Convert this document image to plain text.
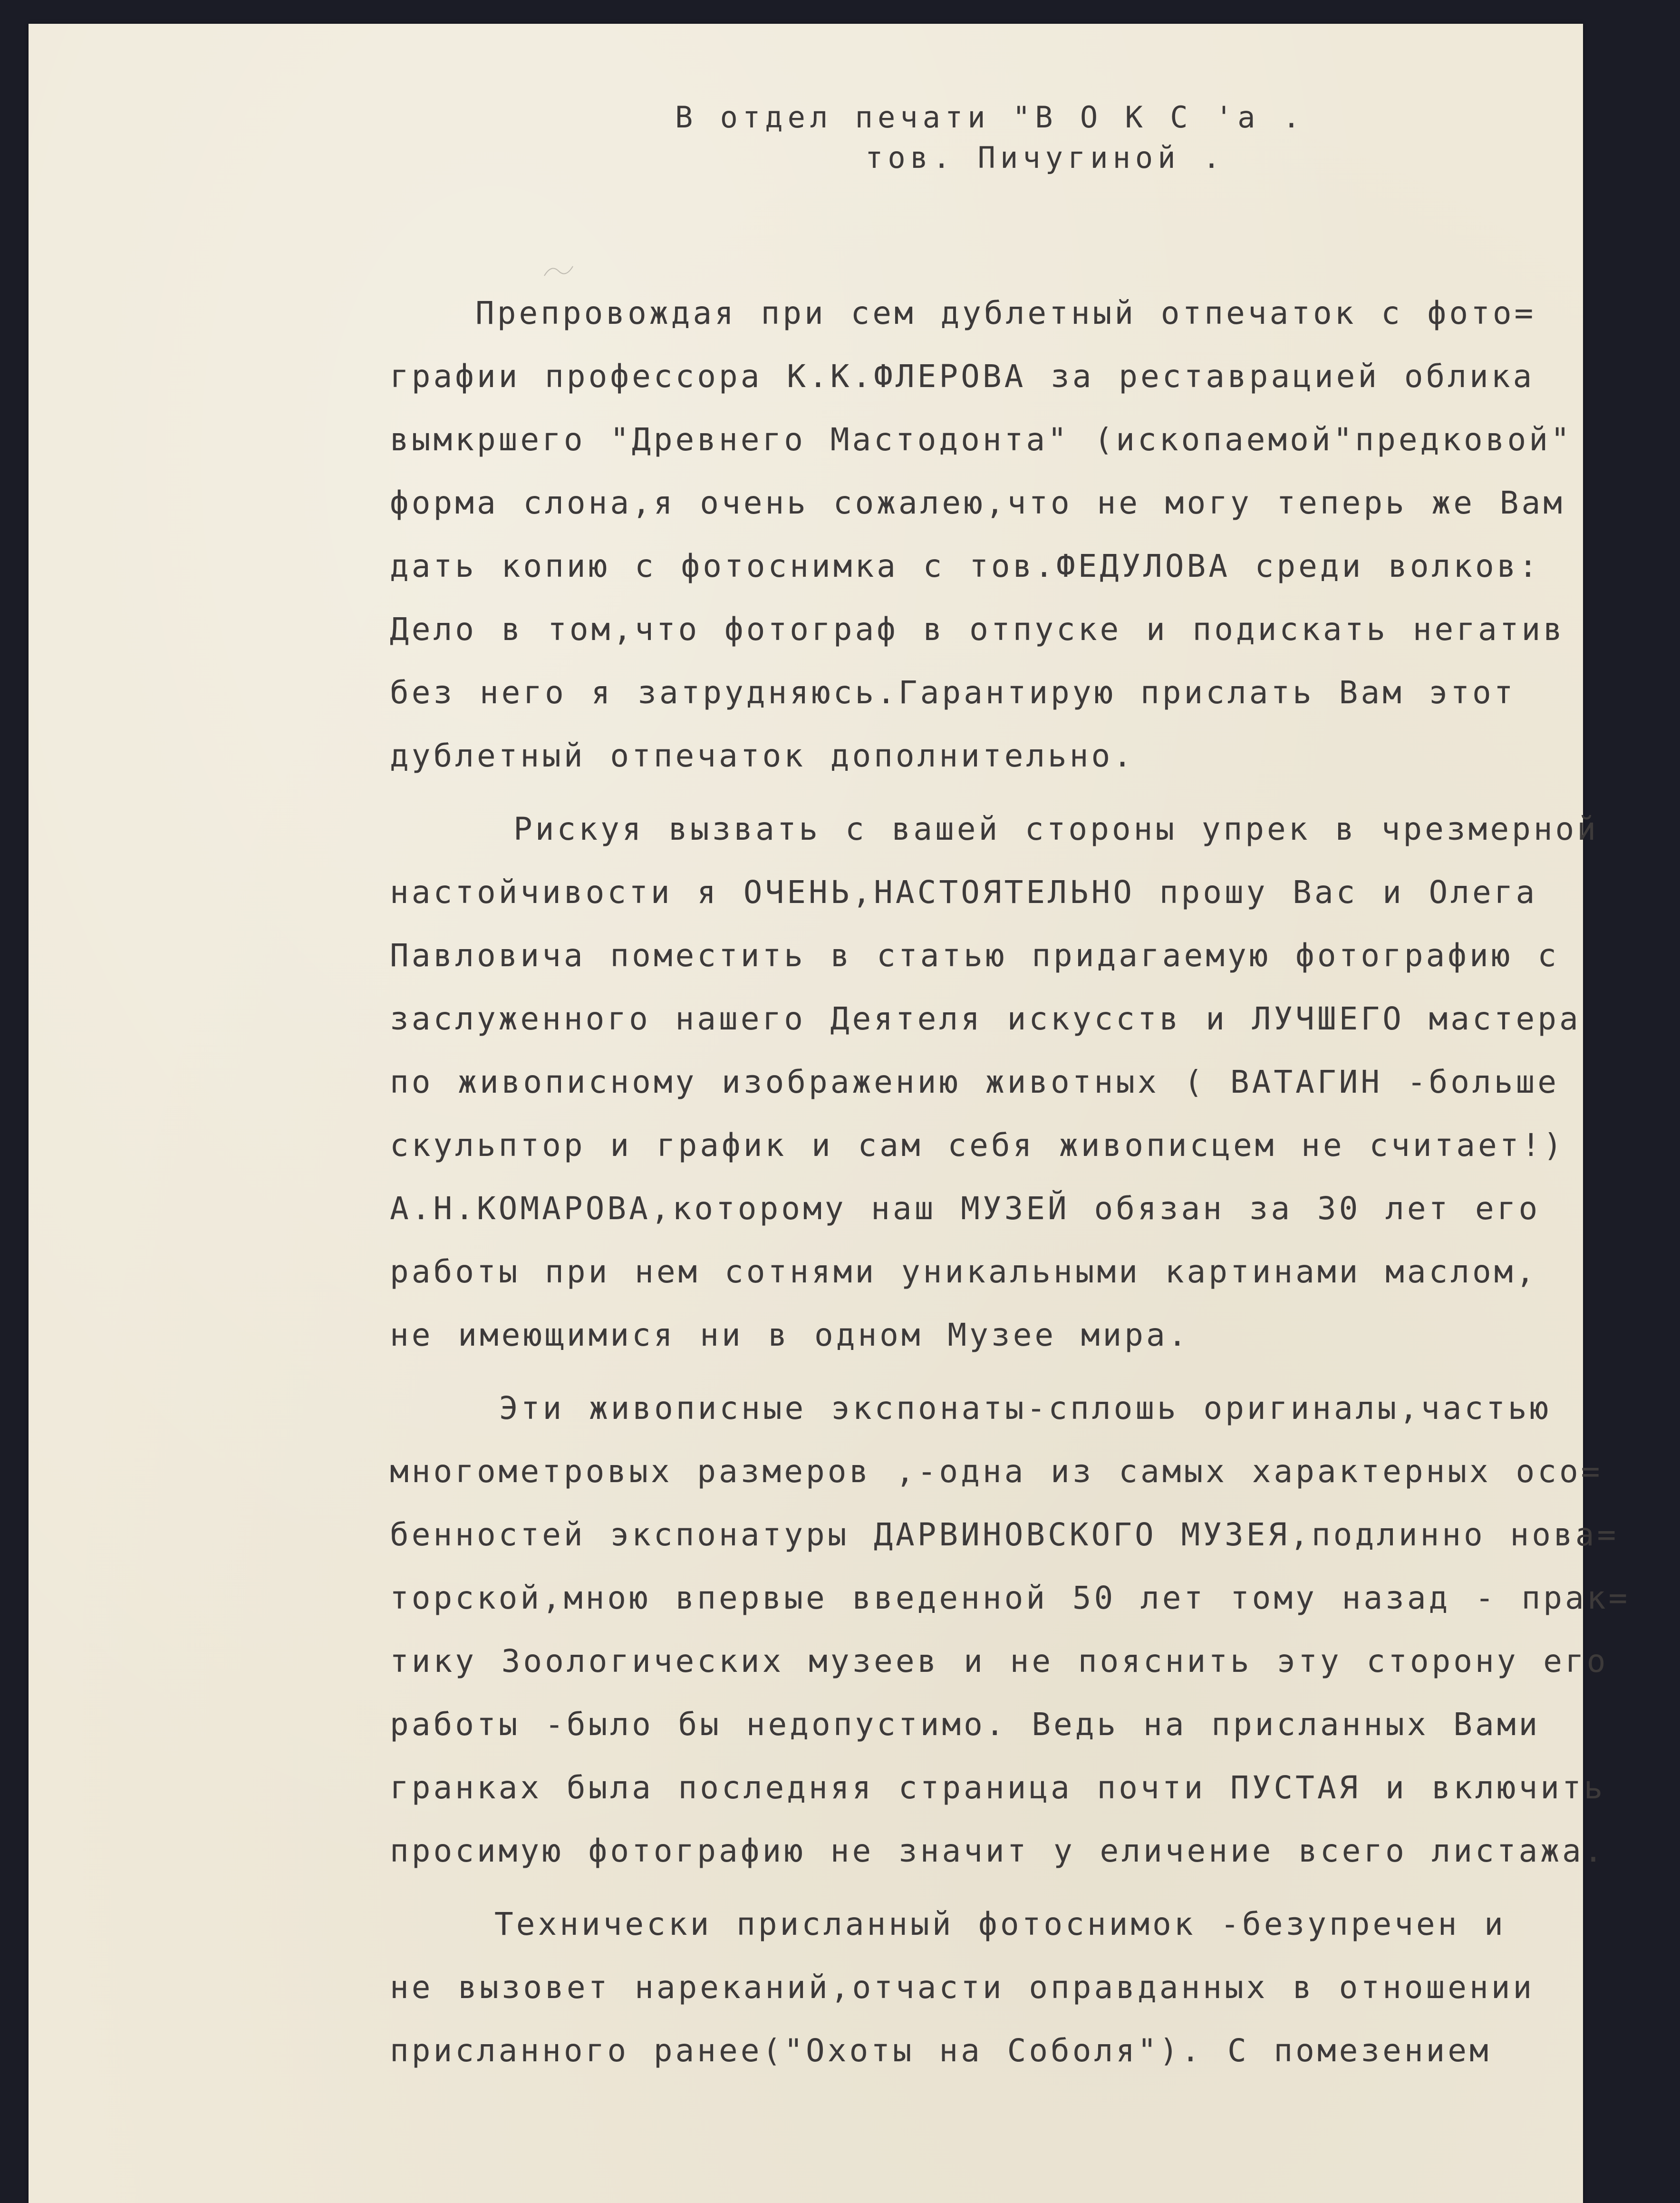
В отдел печати "В О К С 'а .
тов. Пичугиной .
Препровождая при сем дублетный отпечаток с фото=
графии профессора К.К.ФЛЕРОВА за реставрацией облика
вымкршего "Древнего Мастодонта" (ископаемой"предковой"
форма слона,я очень сожалею,что не могу теперь же Вам
дать копию с фотоснимка с тов.ФЕДУЛОВА среди волков:
Дело в том,что фотограф в отпуске и подискать негатив
без него я затрудняюсь.Гарантирую прислать Вам этот
дублетный отпечаток дополнительно.
Рискуя вызвать с вашей стороны упрек в чрезмерной
настойчивости я ОЧЕНЬ,НАСТОЯТЕЛЬНО прошу Вас и Олега
Павловича поместить в статью придагаемую фотографию с
заслуженного нашего Деятеля искусств и ЛУЧШЕГО мастера
по живописному изображению животных ( ВАТАГИН -больше
скульптор и график и сам себя живописцем не считает!)
А.Н.КОМАРОВА,которому наш МУЗЕЙ обязан за 30 лет его
работы при нем сотнями уникальными картинами маслом,
не имеющимися ни в одном Музее мира.
Эти живописные экспонаты-сплошь оригиналы,частью
многометровых размеров ,-одна из самых характерных осо=
бенностей экспонатуры ДАРВИНОВСКОГО МУЗЕЯ,подлинно нова=
торской,мною впервые введенной 50 лет тому назад - прак=
тику Зоологических музеев и не пояснить эту сторону его
работы -было бы недопустимо. Ведь на присланных Вами
гранках была последняя страница почти ПУСТАЯ и включить
просимую фотографию не значит у еличение всего листажа.
Технически присланный фотоснимок -безупречен и
не вызовет нареканий,отчасти оправданных в отношении
присланного ранее("Охоты на Соболя"). С помезением
